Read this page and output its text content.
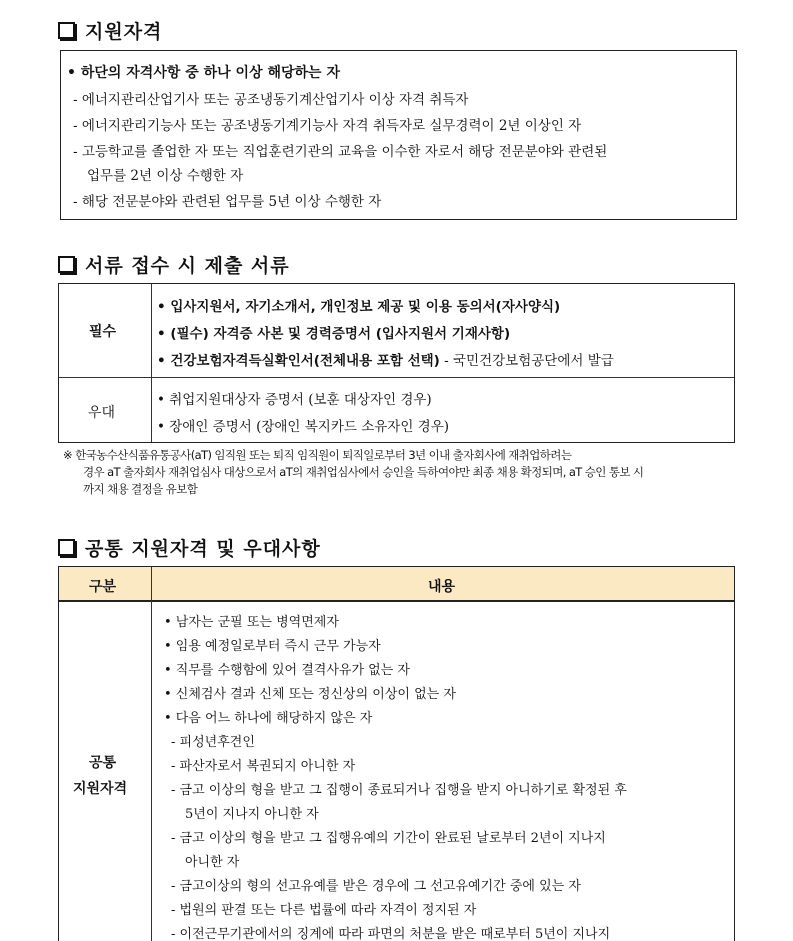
지원자격
• 하단의 자격사항 중 하나 이상 해당하는 자
- 에너지관리산업기사 또는 공조냉동기계산업기사 이상 자격 취득자
- 에너지관리기능사 또는 공조냉동기계기능사 자격 취득자로 실무경력이 2년 이상인 자
- 고등학교를 졸업한 자 또는 직업훈련기관의 교육을 이수한 자로서 해당 전문분야와 관련된
업무를 2년 이상 수행한 자
- 해당 전문분야와 관련된 업무를 5년 이상 수행한 자
서류 접수 시 제출 서류
필수
• 입사지원서, 자기소개서, 개인정보 제공 및 이용 동의서(자사양식)
• (필수) 자격증 사본 및 경력증명서 (입사지원서 기재사항)
• 건강보험자격득실확인서(전체내용 포함 선택) - 국민건강보험공단에서 발급
우대
• 취업지원대상자 증명서 (보훈 대상자인 경우)
• 장애인 증명서 (장애인 복지카드 소유자인 경우)
※ 한국농수산식품유통공사(aT) 임직원 또는 퇴직 임직원이 퇴직일로부터 3년 이내 출자회사에 재취업하려는
경우 aT 출자회사 재취업심사 대상으로서 aT의 재취업심사에서 승인을 득하여야만 최종 채용 확정되며, aT 승인 통보 시
까지 채용 결정을 유보함
공통 지원자격 및 우대사항
구분	내용
공통
지원자격
• 남자는 군필 또는 병역면제자
• 임용 예정일로부터 즉시 근무 가능자
• 직무를 수행함에 있어 결격사유가 없는 자
• 신체검사 결과 신체 또는 정신상의 이상이 없는 자
• 다음 어느 하나에 해당하지 않은 자
- 피성년후견인
- 파산자로서 복권되지 아니한 자
- 금고 이상의 형을 받고 그 집행이 종료되거나 집행을 받지 아니하기로 확정된 후
5년이 지나지 아니한 자
- 금고 이상의 형을 받고 그 집행유예의 기간이 완료된 날로부터 2년이 지나지
아니한 자
- 금고이상의 형의 선고유예를 받은 경우에 그 선고유예기간 중에 있는 자
- 법원의 판결 또는 다른 법률에 따라 자격이 정지된 자
- 이전근무기관에서의 징계에 따라 파면의 처분을 받은 때로부터 5년이 지나지
